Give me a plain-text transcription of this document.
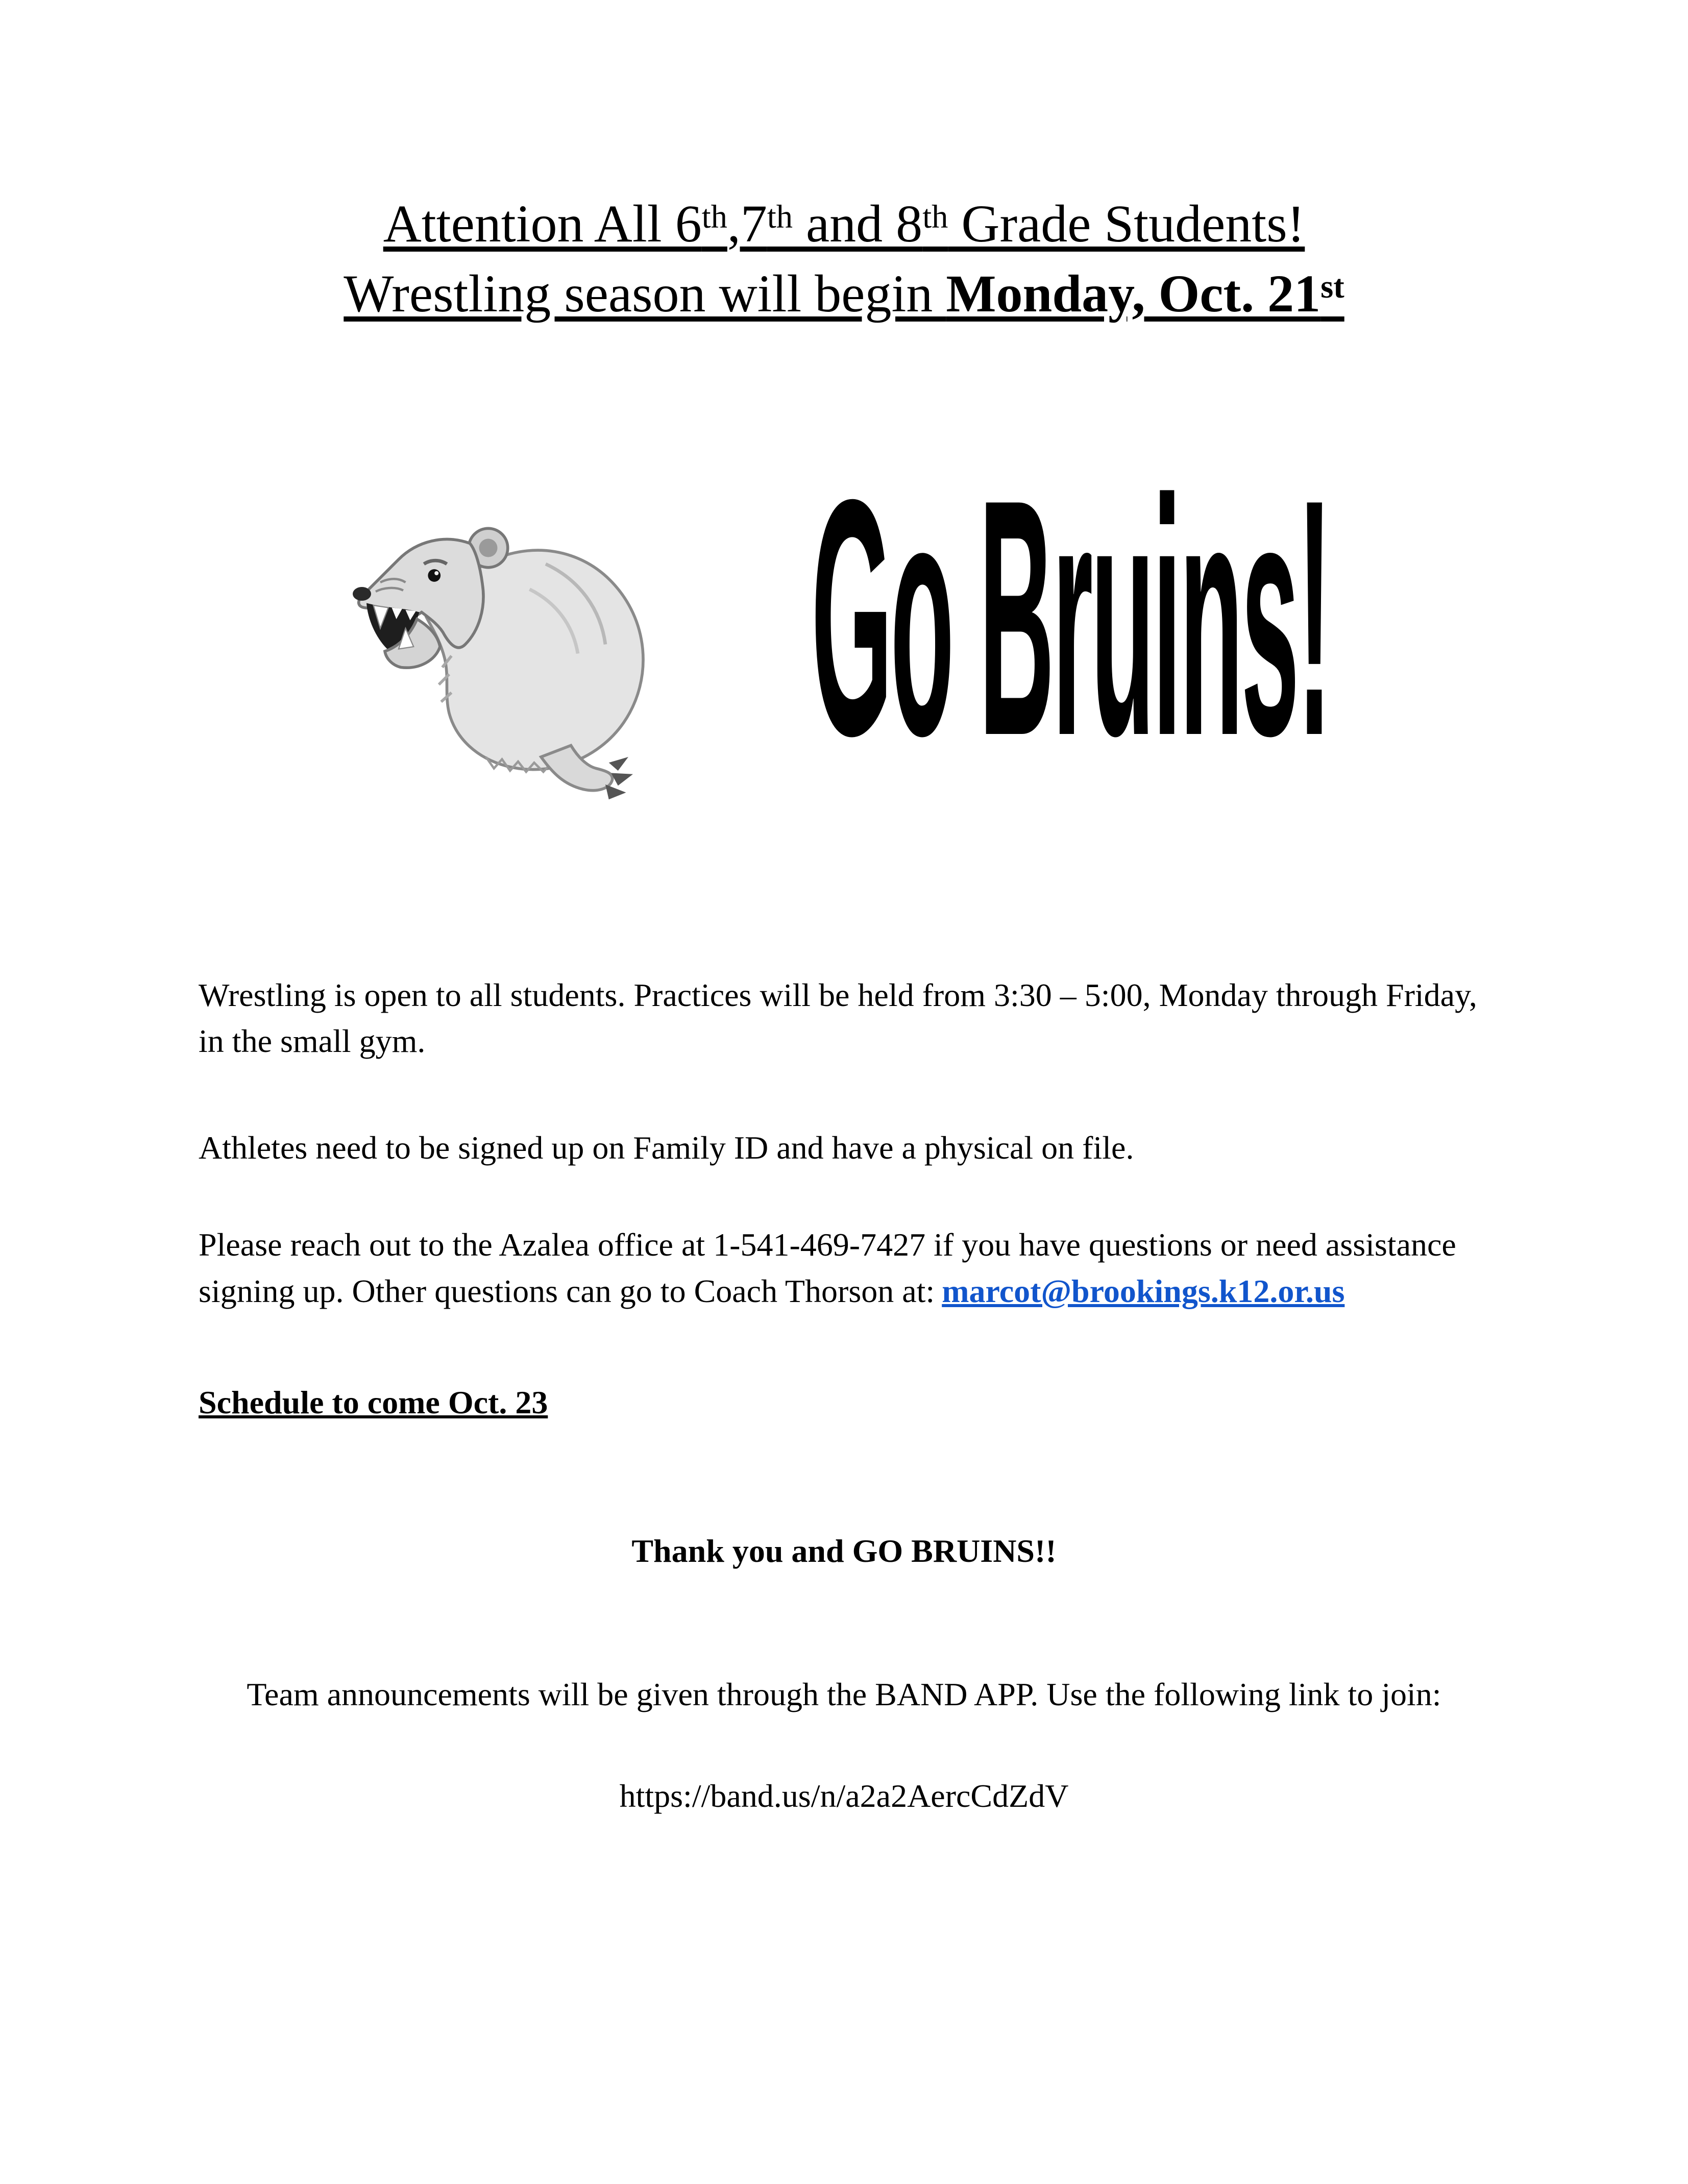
Attention All 6th,7th and 8th Grade Students!
Wrestling season will begin Monday, Oct. 21st
Go Bruins!

Wrestling is open to all students. Practices will be held from 3:30 – 5:00, Monday through Friday, in the small gym.

Athletes need to be signed up on Family ID and have a physical on file.

Please reach out to the Azalea office at 1-541-469-7427 if you have questions or need assistance signing up. Other questions can go to Coach Thorson at: marcot@brookings.k12.or.us

Schedule to come Oct. 23

Thank you and GO BRUINS!!

Team announcements will be given through the BAND APP. Use the following link to join:

https://band.us/n/a2a2AercCdZdV
